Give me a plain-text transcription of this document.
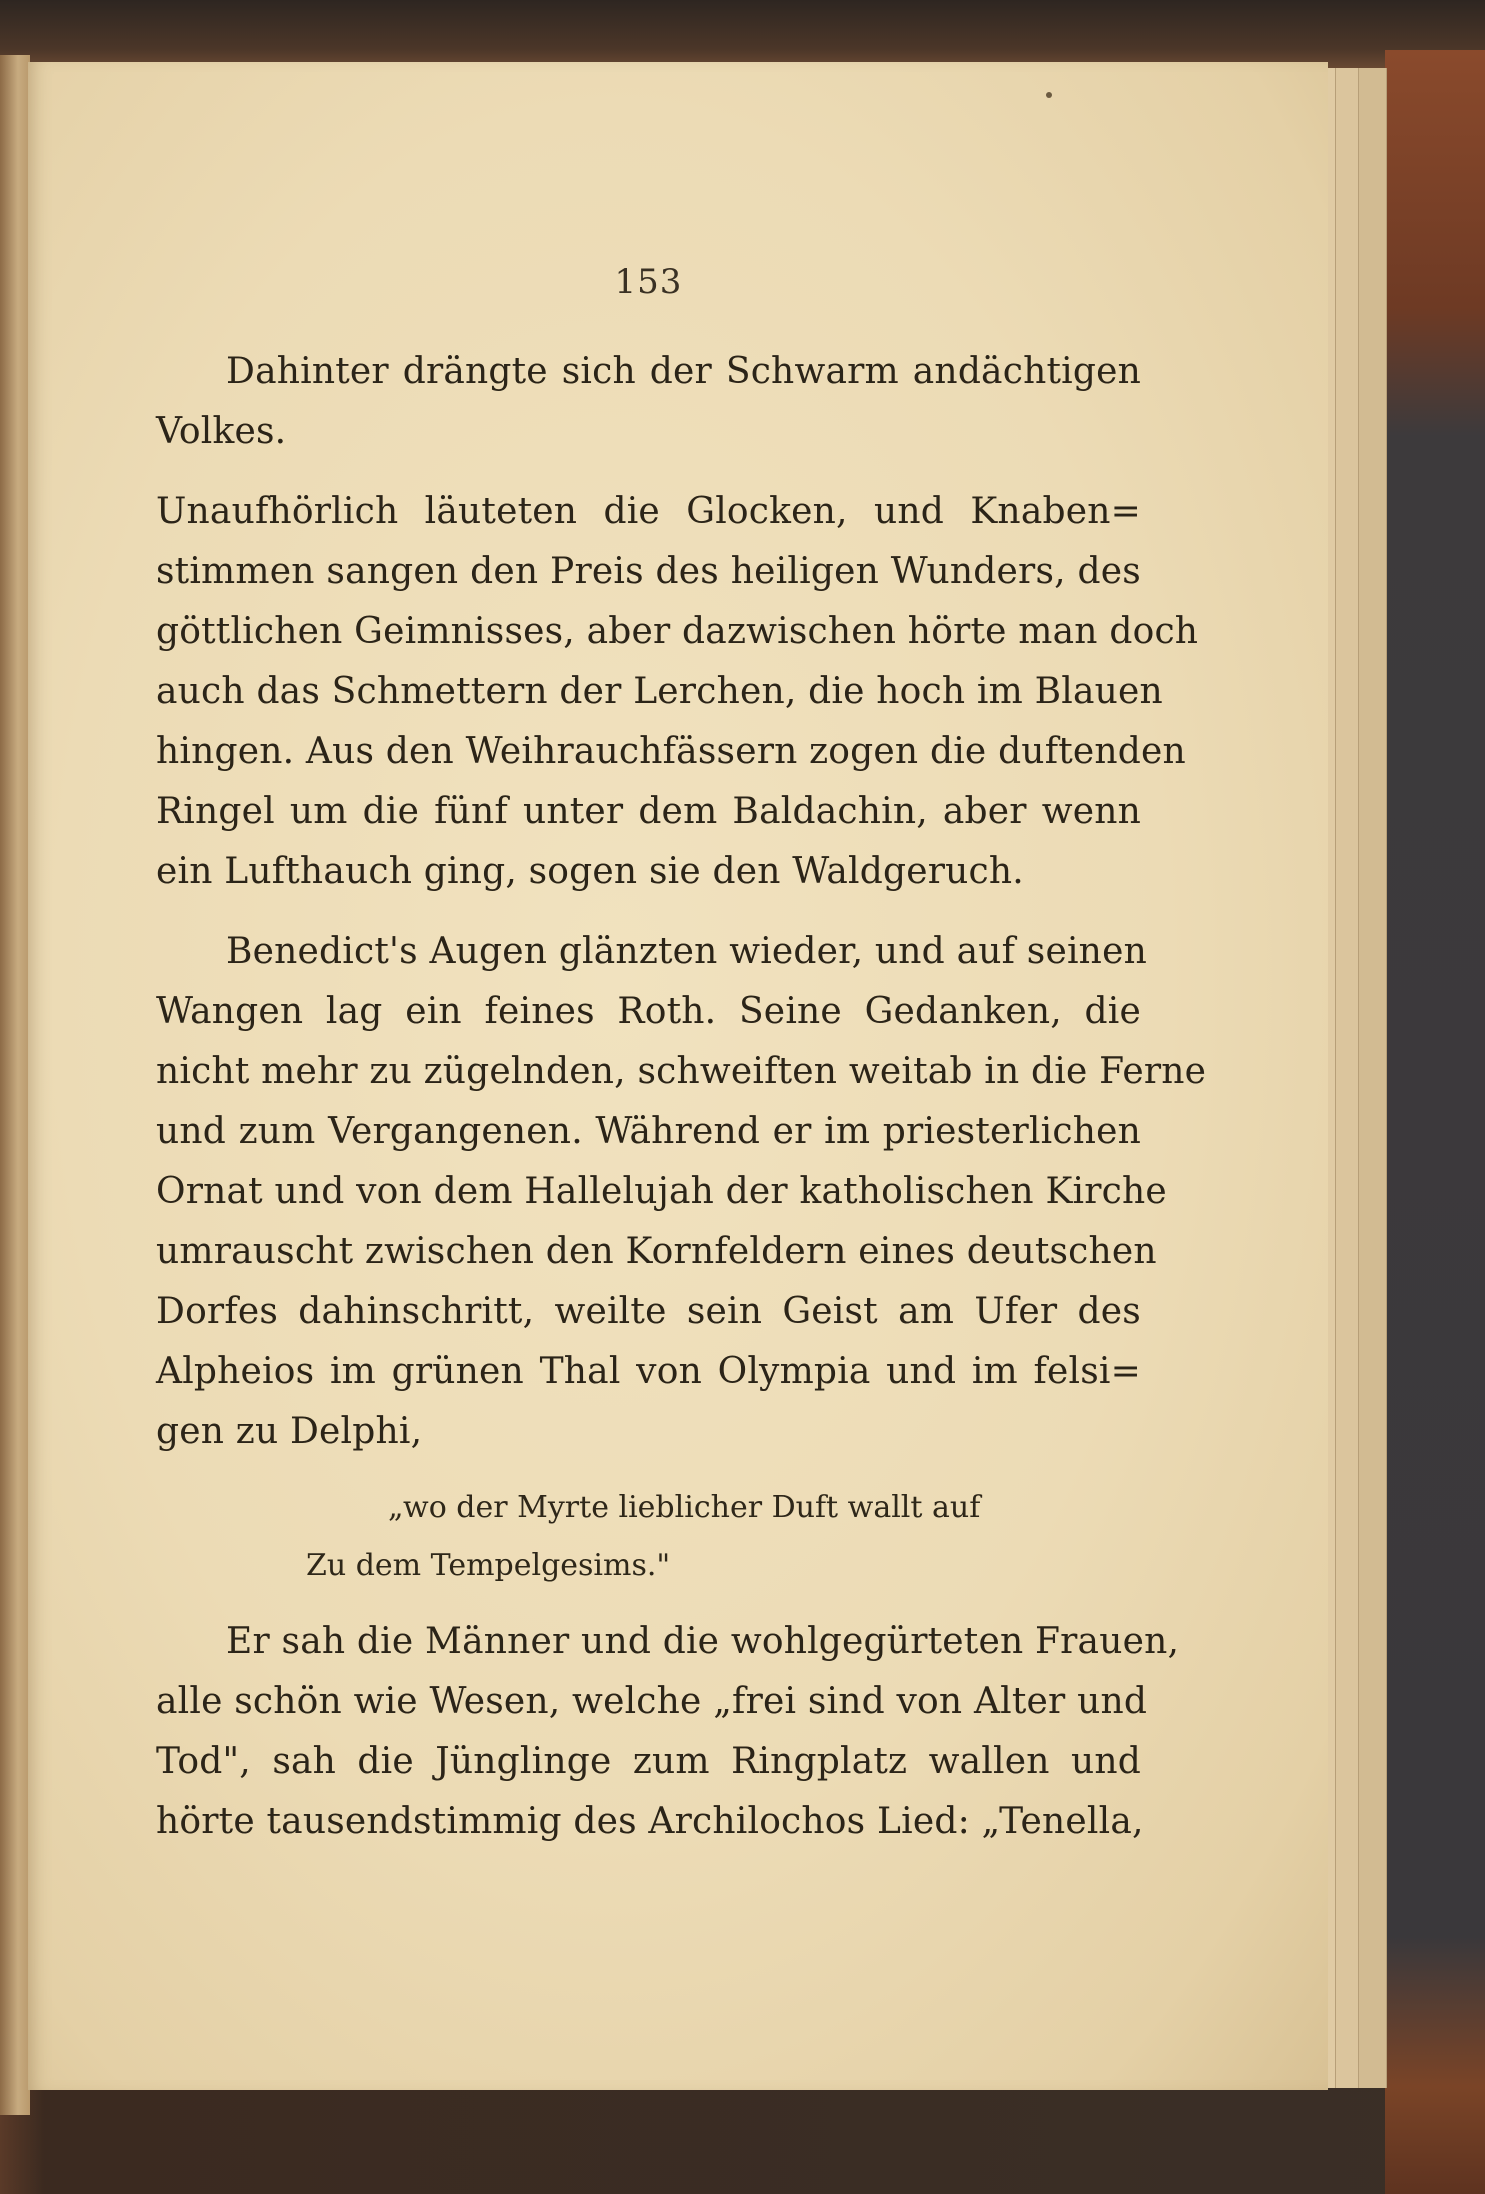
153
Dahinter drängte sich der Schwarm andächtigen
Volkes.
Unaufhörlich läuteten die Glocken, und Knaben=
stimmen sangen den Preis des heiligen Wunders, des
göttlichen Geimnisses, aber dazwischen hörte man doch
auch das Schmettern der Lerchen, die hoch im Blauen
hingen. Aus den Weihrauchfässern zogen die duftenden
Ringel um die fünf unter dem Baldachin, aber wenn
ein Lufthauch ging, sogen sie den Waldgeruch.
Benedict's Augen glänzten wieder, und auf seinen
Wangen lag ein feines Roth. Seine Gedanken, die
nicht mehr zu zügelnden, schweiften weitab in die Ferne
und zum Vergangenen. Während er im priesterlichen
Ornat und von dem Hallelujah der katholischen Kirche
umrauscht zwischen den Kornfeldern eines deutschen
Dorfes dahinschritt, weilte sein Geist am Ufer des
Alpheios im grünen Thal von Olympia und im felsi=
gen zu Delphi,
„wo der Myrte lieblicher Duft wallt auf
Zu dem Tempelgesims."
Er sah die Männer und die wohlgegürteten Frauen,
alle schön wie Wesen, welche „frei sind von Alter und
Tod", sah die Jünglinge zum Ringplatz wallen und
hörte tausendstimmig des Archilochos Lied: „Tenella,
